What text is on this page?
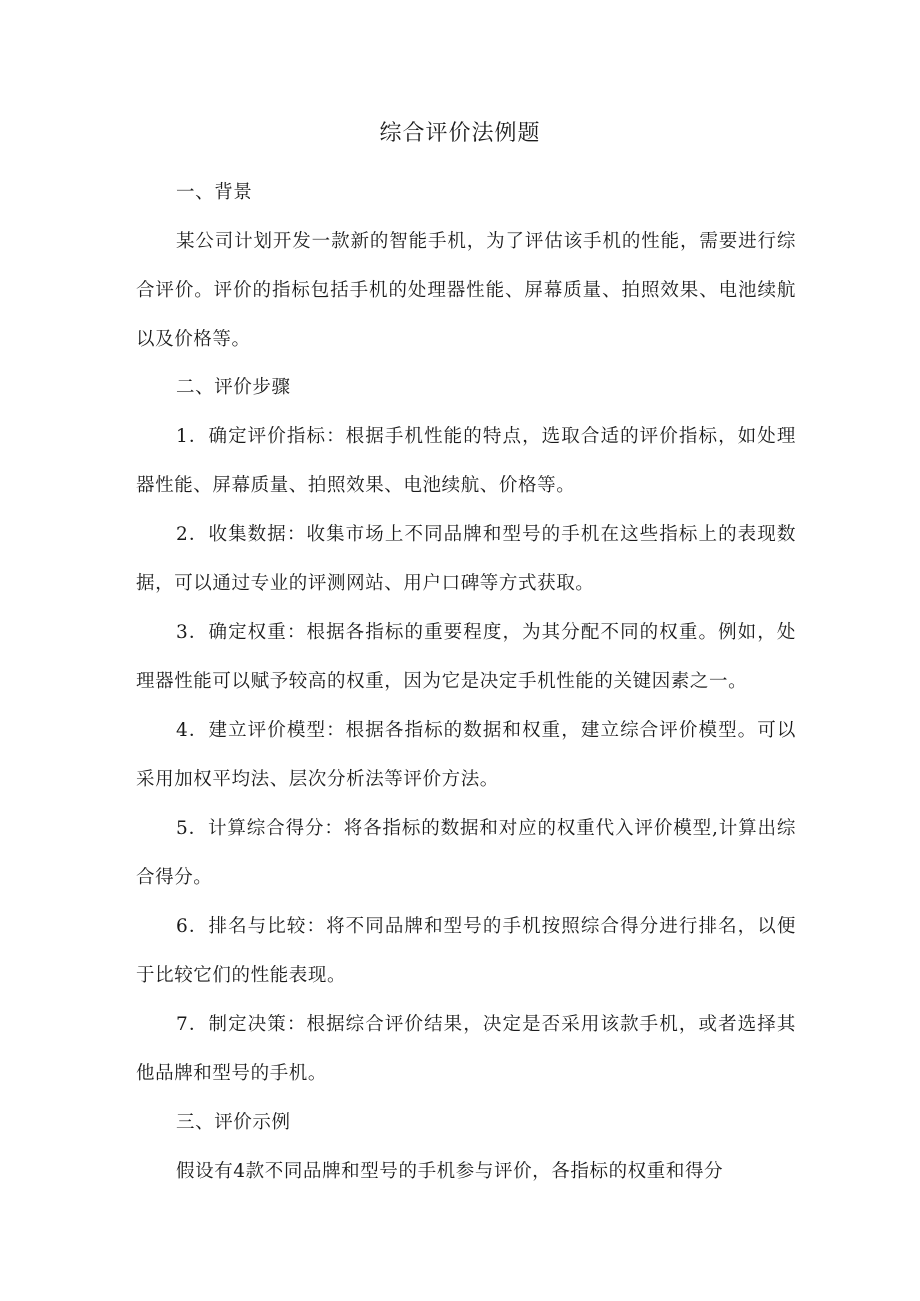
综合评价法例题

一、背景

某公司计划开发一款新的智能手机，为了评估该手机的性能，需要进行综合评价。评价的指标包括手机的处理器性能、屏幕质量、拍照效果、电池续航以及价格等。

二、评价步骤

1．确定评价指标：根据手机性能的特点，选取合适的评价指标，如处理器性能、屏幕质量、拍照效果、电池续航、价格等。

2．收集数据：收集市场上不同品牌和型号的手机在这些指标上的表现数据，可以通过专业的评测网站、用户口碑等方式获取。

3．确定权重：根据各指标的重要程度，为其分配不同的权重。例如，处理器性能可以赋予较高的权重，因为它是决定手机性能的关键因素之一。

4．建立评价模型：根据各指标的数据和权重，建立综合评价模型。可以采用加权平均法、层次分析法等评价方法。

5．计算综合得分：将各指标的数据和对应的权重代入评价模型,计算出综合得分。

6．排名与比较：将不同品牌和型号的手机按照综合得分进行排名，以便于比较它们的性能表现。

7．制定决策：根据综合评价结果，决定是否采用该款手机，或者选择其他品牌和型号的手机。

三、评价示例

假设有4款不同品牌和型号的手机参与评价，各指标的权重和得分
